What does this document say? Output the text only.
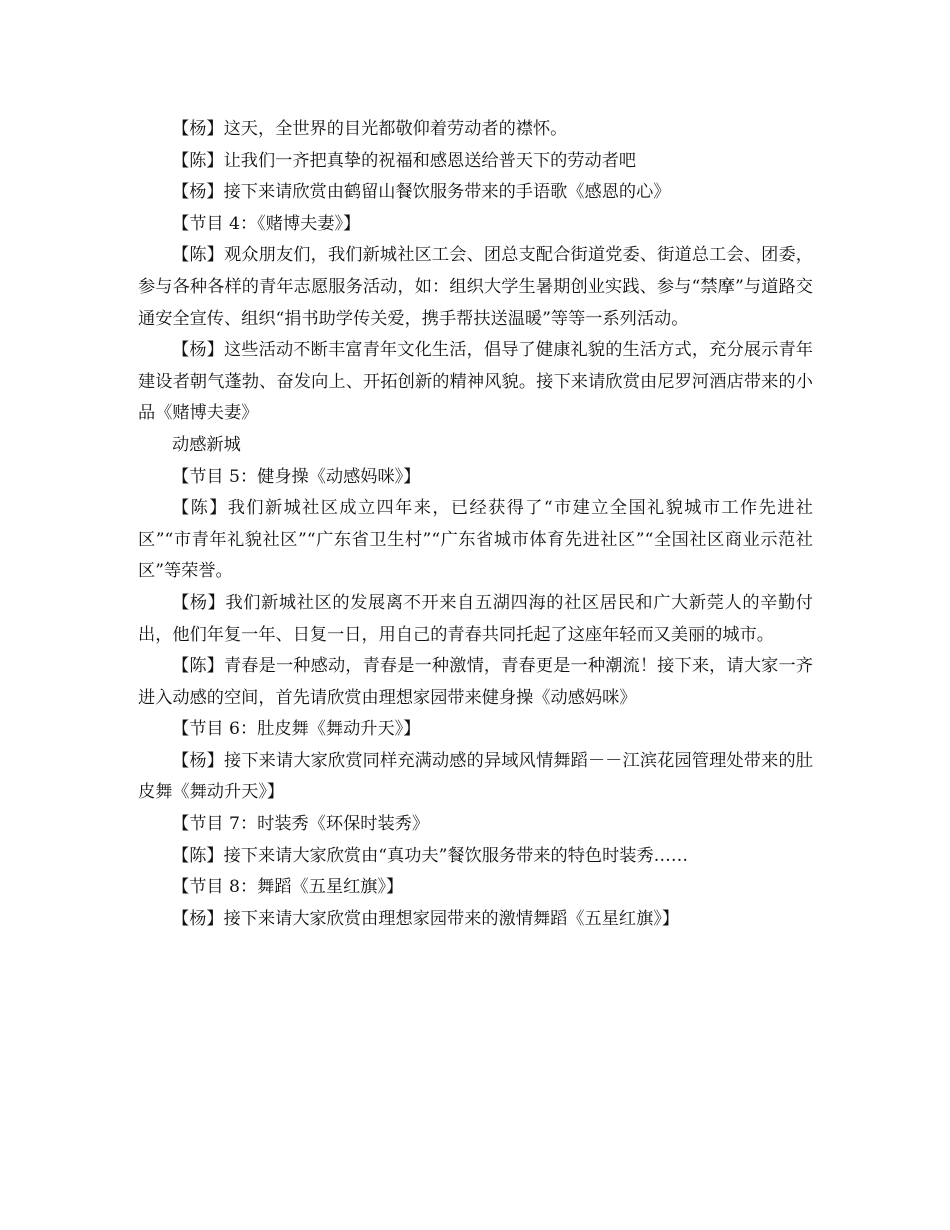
【杨】这天，全世界的目光都敬仰着劳动者的襟怀。

【陈】让我们一齐把真挚的祝福和感恩送给普天下的劳动者吧

【杨】接下来请欣赏由鹤留山餐饮服务带来的手语歌《感恩的心》

【节目 4：《赌博夫妻》】

【陈】观众朋友们，我们新城社区工会、团总支配合街道党委、街道总工会、团委，参与各种各样的青年志愿服务活动，如：组织大学生暑期创业实践、参与“禁摩”与道路交通安全宣传、组织“捐书助学传关爱，携手帮扶送温暖”等等一系列活动。

【杨】这些活动不断丰富青年文化生活，倡导了健康礼貌的生活方式，充分展示青年建设者朝气蓬勃、奋发向上、开拓创新的精神风貌。接下来请欣赏由尼罗河酒店带来的小品《赌博夫妻》

动感新城

【节目 5：健身操《动感妈咪》】

【陈】我们新城社区成立四年来，已经获得了“市建立全国礼貌城市工作先进社区”“市青年礼貌社区”“广东省卫生村”“广东省城市体育先进社区”“全国社区商业示范社区”等荣誉。

【杨】我们新城社区的发展离不开来自五湖四海的社区居民和广大新莞人的辛勤付出，他们年复一年、日复一日，用自己的青春共同托起了这座年轻而又美丽的城市。

【陈】青春是一种感动，青春是一种激情，青春更是一种潮流！接下来，请大家一齐进入动感的空间，首先请欣赏由理想家园带来健身操《动感妈咪》

【节目 6：肚皮舞《舞动升天》】

【杨】接下来请大家欣赏同样充满动感的异域风情舞蹈－－江滨花园管理处带来的肚皮舞《舞动升天》】

【节目 7：时装秀《环保时装秀》

【陈】接下来请大家欣赏由“真功夫”餐饮服务带来的特色时装秀……

【节目 8：舞蹈《五星红旗》】

【杨】接下来请大家欣赏由理想家园带来的激情舞蹈《五星红旗》】
